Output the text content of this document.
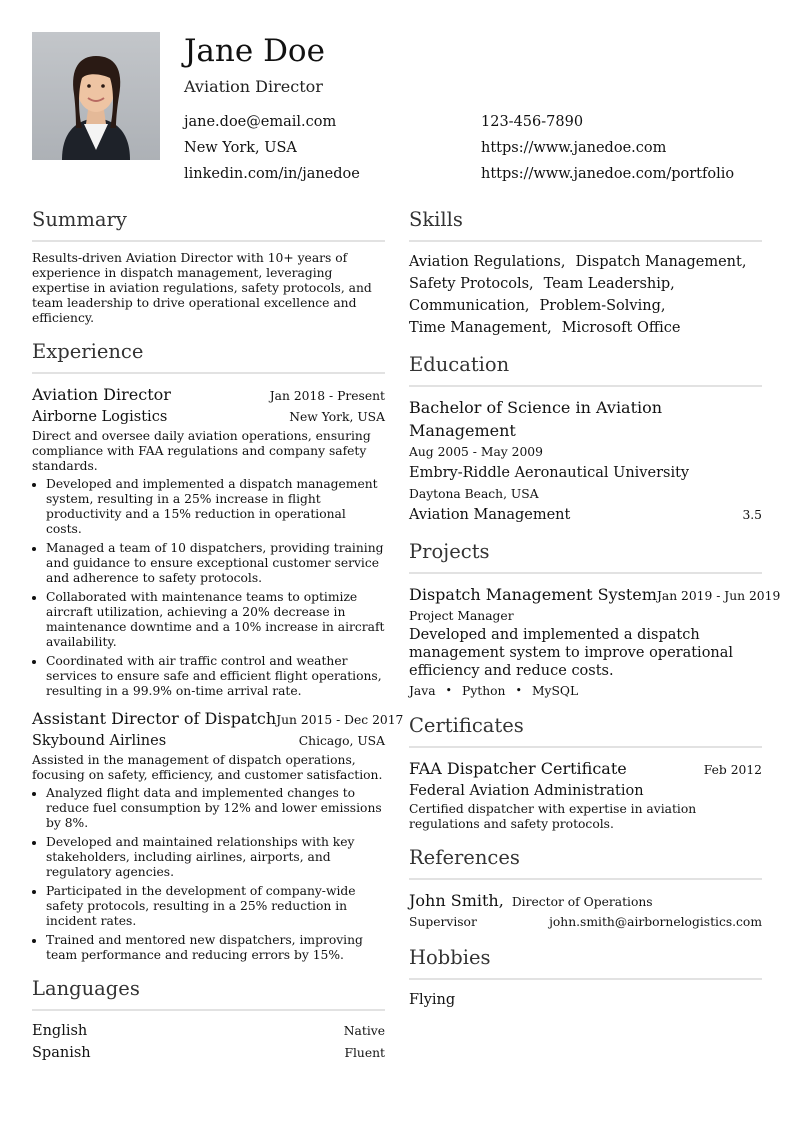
Jane Doe
Aviation Director
jane.doe@email.com	123-456-7890
New York, USA	https://www.janedoe.com
linkedin.com/in/janedoe	https://www.janedoe.com/portfolio
Summary
Results-driven Aviation Director with 10+ years of experience in dispatch management, leveraging expertise in aviation regulations, safety protocols, and team leadership to drive operational excellence and efficiency.
Experience
Aviation Director	Jan 2018 - Present
Airborne Logistics	New York, USA
Direct and oversee daily aviation operations, ensuring compliance with FAA regulations and company safety standards.
• Developed and implemented a dispatch management system, resulting in a 25% increase in flight productivity and a 15% reduction in operational costs.
• Managed a team of 10 dispatchers, providing training and guidance to ensure exceptional customer service and adherence to safety protocols.
• Collaborated with maintenance teams to optimize aircraft utilization, achieving a 20% decrease in maintenance downtime and a 10% increase in aircraft availability.
• Coordinated with air traffic control and weather services to ensure safe and efficient flight operations, resulting in a 99.9% on-time arrival rate.
Assistant Director of Dispatch Jun 2015 - Dec 2017
Skybound Airlines	Chicago, USA
Assisted in the management of dispatch operations, focusing on safety, efficiency, and customer satisfaction.
• Analyzed flight data and implemented changes to reduce fuel consumption by 12% and lower emissions by 8%.
• Developed and maintained relationships with key stakeholders, including airlines, airports, and regulatory agencies.
• Participated in the development of company-wide safety protocols, resulting in a 25% reduction in incident rates.
• Trained and mentored new dispatchers, improving team performance and reducing errors by 15%.
Languages
English	Native
Spanish	Fluent
Skills
Aviation Regulations, Dispatch Management,
Safety Protocols, Team Leadership,
Communication, Problem-Solving,
Time Management, Microsoft Office
Education
Bachelor of Science in Aviation Management
Aug 2005 - May 2009
Embry-Riddle Aeronautical University
Daytona Beach, USA
Aviation Management	3.5
Projects
Dispatch Management System Jan 2019 - Jun 2019
Project Manager
Developed and implemented a dispatch management system to improve operational efficiency and reduce costs.
Java • Python • MySQL
Certificates
FAA Dispatcher Certificate	Feb 2012
Federal Aviation Administration
Certified dispatcher with expertise in aviation regulations and safety protocols.
References
John Smith, Director of Operations
Supervisor	john.smith@airbornelogistics.com
Hobbies
Flying
